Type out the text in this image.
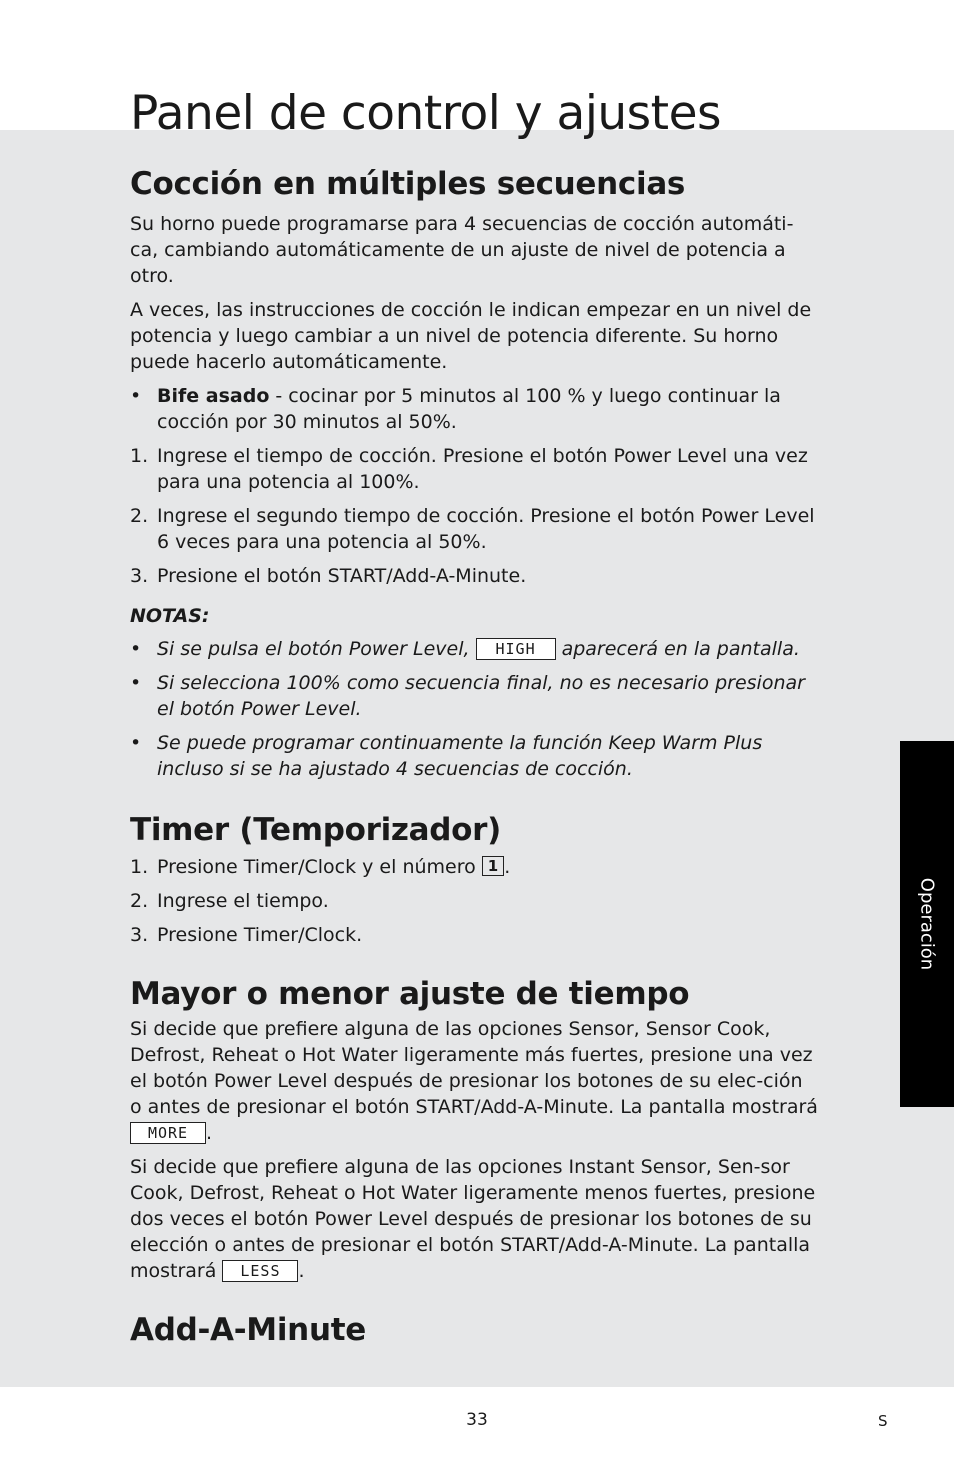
Panel de control y ajustes
Cocción en múltiples secuencias

Su horno puede programarse para 4 secuencias de cocción automáti-ca, cambiando automáticamente de un ajuste de nivel de potencia a otro.

A veces, las instrucciones de cocción le indican empezar en un nivel de potencia y luego cambiar a un nivel de potencia diferente. Su horno puede hacerlo automáticamente.

• Bife asado - cocinar por 5 minutos al 100 % y luego continuar la cocción por 30 minutos al 50%.
1. Ingrese el tiempo de cocción. Presione el botón Power Level una vez para una potencia al 100%.
2. Ingrese el segundo tiempo de cocción. Presione el botón Power Level 6 veces para una potencia al 50%.
3. Presione el botón START/Add-A-Minute.
NOTAS:
• Si se pulsa el botón Power Level, HIGH aparecerá en la pantalla.
• Si selecciona 100% como secuencia final, no es necesario presionar el botón Power Level.
• Se puede programar continuamente la función Keep Warm Plus incluso si se ha ajustado 4 secuencias de cocción.
Timer (Temporizador)
1. Presione Timer/Clock y el número 1 .
2. Ingrese el tiempo.
3. Presione Timer/Clock.
Mayor o menor ajuste de tiempo

Si decide que prefiere alguna de las opciones Sensor, Sensor Cook, Defrost, Reheat o Hot Water ligeramente más fuertes, presione una vez el botón Power Level después de presionar los botones de su elec-ción o antes de presionar el botón START/Add-A-Minute. La pantalla mostrará MORE .

Si decide que prefiere alguna de las opciones Instant Sensor, Sen-sor Cook, Defrost, Reheat o Hot Water ligeramente menos fuertes, presione dos veces el botón Power Level después de presionar los botones de su elección o antes de presionar el botón START/Add-A-Minute. La pantalla mostrará LESS .

Add-A-Minute
Operación
33	S
